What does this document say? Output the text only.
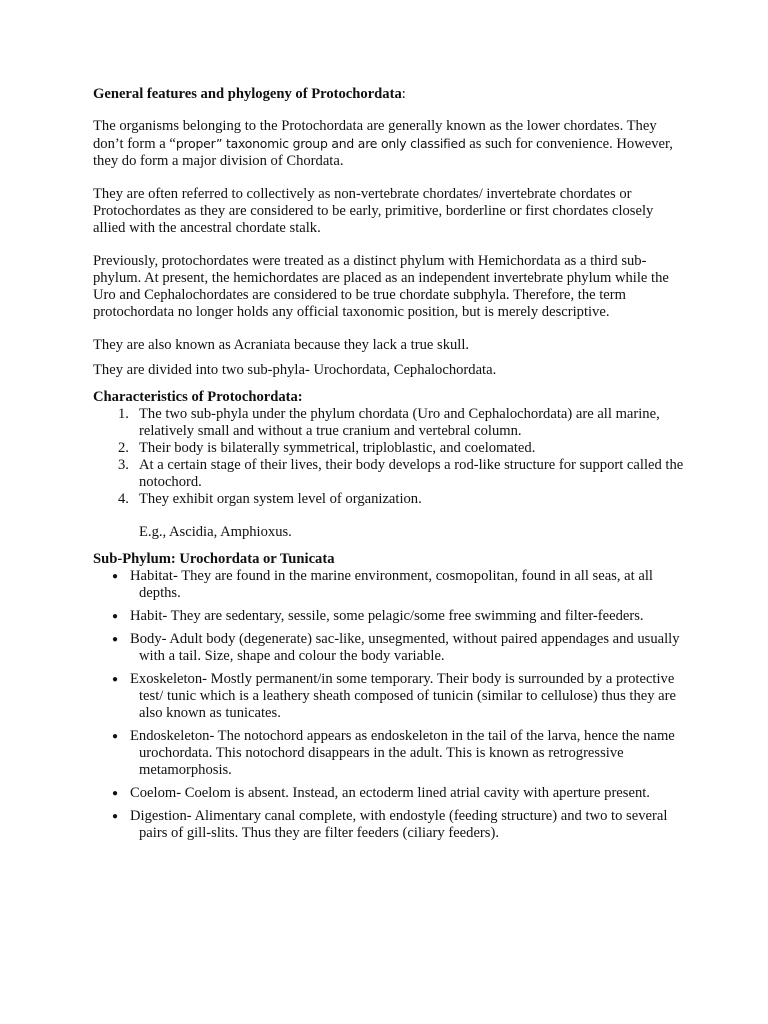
General features and phylogeny of Protochordata:

The organisms belonging to the Protochordata are generally known as the lower chordates. They don’t form a “proper” taxonomic group and are only classified as such for convenience. However, they do form a major division of Chordata.

They are often referred to collectively as non-vertebrate chordates/ invertebrate chordates or Protochordates as they are considered to be early, primitive, borderline or first chordates closely allied with the ancestral chordate stalk.

Previously, protochordates were treated as a distinct phylum with Hemichordata as a third sub-phylum. At present, the hemichordates are placed as an independent invertebrate phylum while the Uro and Cephalochordates are considered to be true chordate subphyla. Therefore, the term protochordata no longer holds any official taxonomic position, but is merely descriptive.

They are also known as Acraniata because they lack a true skull.

They are divided into two sub-phyla- Urochordata, Cephalochordata.

Characteristics of Protochordata:

1. The two sub-phyla under the phylum chordata (Uro and Cephalochordata) are all marine, relatively small and without a true cranium and vertebral column.
2. Their body is bilaterally symmetrical, triploblastic, and coelomated.
3. At a certain stage of their lives, their body develops a rod-like structure for support called the notochord.
4. They exhibit organ system level of organization.

E.g., Ascidia, Amphioxus.

Sub-Phylum: Urochordata or Tunicata

● Habitat- They are found in the marine environment, cosmopolitan, found in all seas, at all depths.
● Habit- They are sedentary, sessile, some pelagic/some free swimming and filter-feeders.
● Body- Adult body (degenerate) sac-like, unsegmented, without paired appendages and usually with a tail. Size, shape and colour the body variable.
● Exoskeleton- Mostly permanent/in some temporary. Their body is surrounded by a protective test/ tunic which is a leathery sheath composed of tunicin (similar to cellulose) thus they are also known as tunicates.
● Endoskeleton- The notochord appears as endoskeleton in the tail of the larva, hence the name urochordata. This notochord disappears in the adult. This is known as retrogressive metamorphosis.
● Coelom- Coelom is absent. Instead, an ectoderm lined atrial cavity with aperture present.
● Digestion- Alimentary canal complete, with endostyle (feeding structure) and two to several pairs of gill-slits. Thus they are filter feeders (ciliary feeders).
